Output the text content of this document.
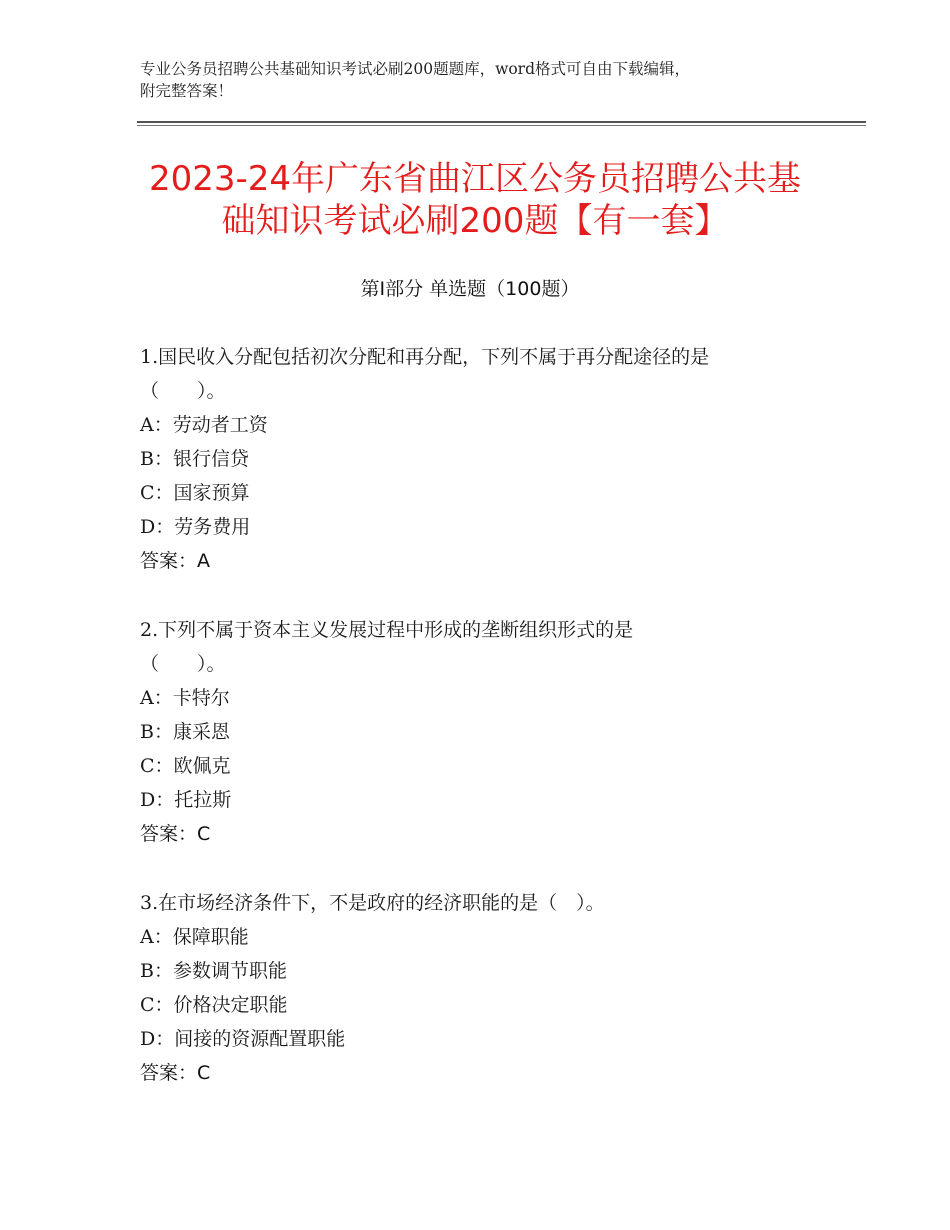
专业公务员招聘公共基础知识考试必刷200题题库，word格式可自由下载编辑，
附完整答案！
2023-24年广东省曲江区公务员招聘公共基
础知识考试必刷200题【有一套】
第Ⅰ部分 单选题（100题）
1.国民收入分配包括初次分配和再分配，下列不属于再分配途径的是
（　　）。
A：劳动者工资
B：银行信贷
C：国家预算
D：劳务费用
答案：A
2.下列不属于资本主义发展过程中形成的垄断组织形式的是
（　　）。
A：卡特尔
B：康采恩
C：欧佩克
D：托拉斯
答案：C
3.在市场经济条件下，不是政府的经济职能的是（　）。
A：保障职能
B：参数调节职能
C：价格决定职能
D：间接的资源配置职能
答案：C
